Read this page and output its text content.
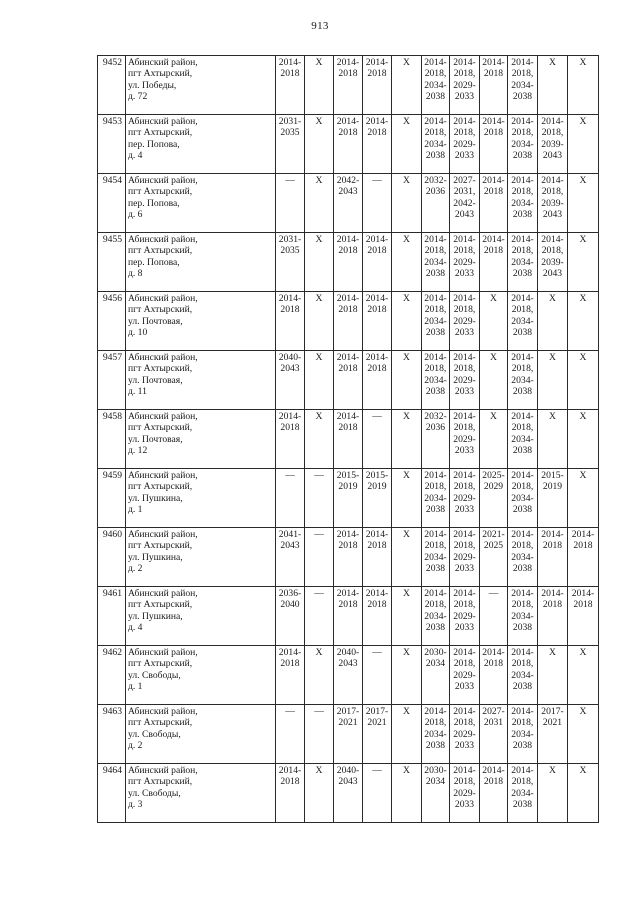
913
9452	Абинский район,
пгт Ахтырский,
ул. Победы,
д. 72	2014-
2018	X	2014-
2018	2014-
2018	X	2014-
2018,
2034-
2038	2014-
2018,
2029-
2033	2014-
2018	2014-
2018,
2034-
2038	X	X

9453	Абинский район,
пгт Ахтырский,
пер. Попова,
д. 4	2031-
2035	X	2014-
2018	2014-
2018	X	2014-
2018,
2034-
2038	2014-
2018,
2029-
2033	2014-
2018	2014-
2018,
2034-
2038	2014-
2018,
2039-
2043	X

9454	Абинский район,
пгт Ахтырский,
пер. Попова,
д. 6	—	X	2042-
2043	—	X	2032-
2036	2027-
2031,
2042-
2043	2014-
2018	2014-
2018,
2034-
2038	2014-
2018,
2039-
2043	X

9455	Абинский район,
пгт Ахтырский,
пер. Попова,
д. 8	2031-
2035	X	2014-
2018	2014-
2018	X	2014-
2018,
2034-
2038	2014-
2018,
2029-
2033	2014-
2018	2014-
2018,
2034-
2038	2014-
2018,
2039-
2043	X

9456	Абинский район,
пгт Ахтырский,
ул. Почтовая,
д. 10	2014-
2018	X	2014-
2018	2014-
2018	X	2014-
2018,
2034-
2038	2014-
2018,
2029-
2033	X	2014-
2018,
2034-
2038	X	X

9457	Абинский район,
пгт Ахтырский,
ул. Почтовая,
д. 11	2040-
2043	X	2014-
2018	2014-
2018	X	2014-
2018,
2034-
2038	2014-
2018,
2029-
2033	X	2014-
2018,
2034-
2038	X	X

9458	Абинский район,
пгт Ахтырский,
ул. Почтовая,
д. 12	2014-
2018	X	2014-
2018	—	X	2032-
2036	2014-
2018,
2029-
2033	X	2014-
2018,
2034-
2038	X	X

9459	Абинский район,
пгт Ахтырский,
ул. Пушкина,
д. 1	—	—	2015-
2019	2015-
2019	X	2014-
2018,
2034-
2038	2014-
2018,
2029-
2033	2025-
2029	2014-
2018,
2034-
2038	2015-
2019	X

9460	Абинский район,
пгт Ахтырский,
ул. Пушкина,
д. 2	2041-
2043	—	2014-
2018	2014-
2018	X	2014-
2018,
2034-
2038	2014-
2018,
2029-
2033	2021-
2025	2014-
2018,
2034-
2038	2014-
2018	2014-
2018

9461	Абинский район,
пгт Ахтырский,
ул. Пушкина,
д. 4	2036-
2040	—	2014-
2018	2014-
2018	X	2014-
2018,
2034-
2038	2014-
2018,
2029-
2033	—	2014-
2018,
2034-
2038	2014-
2018	2014-
2018

9462	Абинский район,
пгт Ахтырский,
ул. Свободы,
д. 1	2014-
2018	X	2040-
2043	—	X	2030-
2034	2014-
2018,
2029-
2033	2014-
2018	2014-
2018,
2034-
2038	X	X

9463	Абинский район,
пгт Ахтырский,
ул. Свободы,
д. 2	—	—	2017-
2021	2017-
2021	X	2014-
2018,
2034-
2038	2014-
2018,
2029-
2033	2027-
2031	2014-
2018,
2034-
2038	2017-
2021	X

9464	Абинский район,
пгт Ахтырский,
ул. Свободы,
д. 3	2014-
2018	X	2040-
2043	—	X	2030-
2034	2014-
2018,
2029-
2033	2014-
2018	2014-
2018,
2034-
2038	X	X
